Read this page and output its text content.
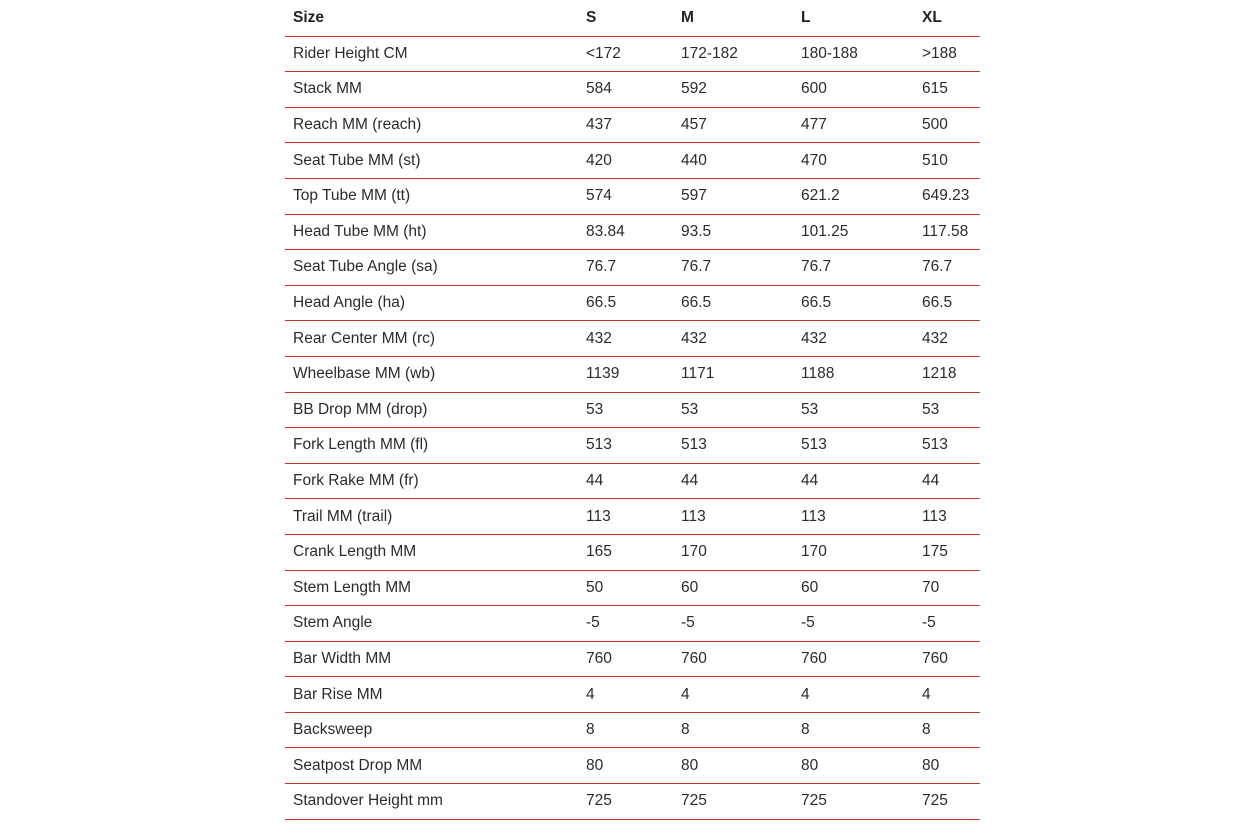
Size	S	M	L	XL
Rider Height CM	<172	172-182	180-188	>188
Stack MM	584	592	600	615
Reach MM (reach)	437	457	477	500
Seat Tube MM (st)	420	440	470	510
Top Tube MM (tt)	574	597	621.2	649.23
Head Tube MM (ht)	83.84	93.5	101.25	117.58
Seat Tube Angle (sa)	76.7	76.7	76.7	76.7
Head Angle (ha)	66.5	66.5	66.5	66.5
Rear Center MM (rc)	432	432	432	432
Wheelbase MM (wb)	1139	1171	1188	1218
BB Drop MM (drop)	53	53	53	53
Fork Length MM (fl)	513	513	513	513
Fork Rake MM (fr)	44	44	44	44
Trail MM (trail)	113	113	113	113
Crank Length MM	165	170	170	175
Stem Length MM	50	60	60	70
Stem Angle	-5	-5	-5	-5
Bar Width MM	760	760	760	760
Bar Rise MM	4	4	4	4
Backsweep	8	8	8	8
Seatpost Drop MM	80	80	80	80
Standover Height mm	725	725	725	725
